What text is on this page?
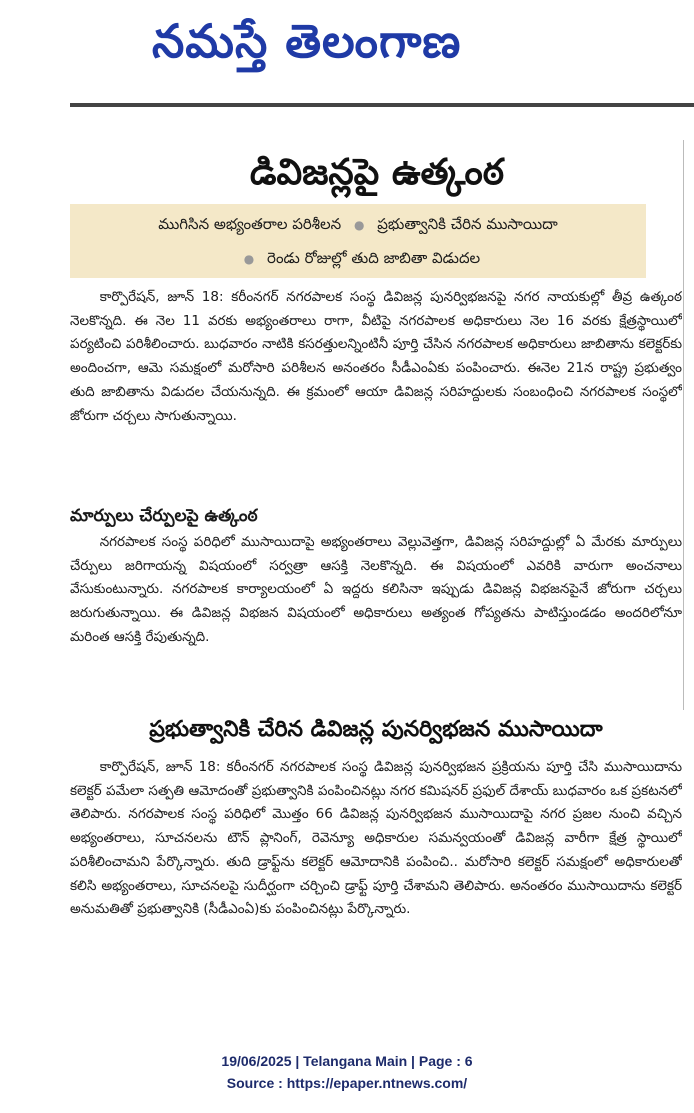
నమస్తే తెలంగాణ
డివిజన్లపై ఉత్కంఠ
ముగిసిన అభ్యంతరాల పరిశీలన ● ప్రభుత్వానికి చేరిన ముసాయిదా
● రెండు రోజుల్లో తుది జాబితా విడుదల

కార్పొరేషన్, జూన్ 18: కరీంనగర్ నగరపాలక సంస్థ డివిజన్ల పునర్విభజనపై నగర నాయకుల్లో తీవ్ర ఉత్కంఠ నెలకొన్నది. ఈ నెల 11 వరకు అభ్యంతరాలు రాగా, వీటిపై నగరపాలక అధికారులు నెల 16 వరకు క్షేత్రస్థాయిలో పర్యటించి పరిశీలించారు. బుధవారం నాటికి కసరత్తులన్నింటినీ పూర్తి చేసిన నగరపాలక అధికారులు జాబితాను కలెక్టర్‌కు అందించగా, ఆమె సమక్షంలో మరోసారి పరిశీలన అనంతరం సీడీఎంఏకు పంపించారు. ఈనెల 21న రాష్ట్ర ప్రభుత్వం తుది జాబితాను విడుదల చేయనున్నది. ఈ క్రమంలో ఆయా డివిజన్ల సరిహద్దులకు సంబంధించి నగరపాలక సంస్థలో జోరుగా చర్చలు సాగుతున్నాయి.

మార్పులు చేర్పులపై ఉత్కంఠ

నగరపాలక సంస్థ పరిధిలో ముసాయిదాపై అభ్యంతరాలు వెల్లువెత్తగా, డివిజన్ల సరిహద్దుల్లో ఏ మేరకు మార్పులు చేర్పులు జరిగాయన్న విషయంలో సర్వత్రా ఆసక్తి నెలకొన్నది. ఈ విషయంలో ఎవరికి వారుగా అంచనాలు వేసుకుంటున్నారు. నగరపాలక కార్యాలయంలో ఏ ఇద్దరు కలిసినా ఇప్పుడు డివిజన్ల విభజనపైనే జోరుగా చర్చలు జరుగుతున్నాయి. ఈ డివిజన్ల విభజన విషయంలో అధికారులు అత్యంత గోప్యతను పాటిస్తుండడం అందరిలోనూ మరింత ఆసక్తి రేపుతున్నది.

ప్రభుత్వానికి చేరిన డివిజన్ల పునర్విభజన ముసాయిదా

కార్పొరేషన్, జూన్ 18: కరీంనగర్ నగరపాలక సంస్థ డివిజన్ల పునర్విభజన ప్రక్రియను పూర్తి చేసి ముసాయిదాను కలెక్టర్ పమేలా సత్పతి ఆమోదంతో ప్రభుత్వానికి పంపించినట్లు నగర కమిషనర్ ప్రఫుల్ దేశాయ్ బుధవారం ఒక ప్రకటనలో తెలిపారు. నగరపాలక సంస్థ పరిధిలో మొత్తం 66 డివిజన్ల పునర్విభజన ముసాయిదాపై నగర ప్రజల నుంచి వచ్చిన అభ్యంతరాలు, సూచనలను టౌన్ ప్లానింగ్, రెవెన్యూ అధికారుల సమన్వయంతో డివిజన్ల వారీగా క్షేత్ర స్థాయిలో పరిశీలించామని పేర్కొన్నారు. తుది డ్రాఫ్ట్‌ను కలెక్టర్ ఆమోదానికి పంపించి.. మరోసారి కలెక్టర్ సమక్షంలో అధికారులతో కలిసి అభ్యంతరాలు, సూచనలపై సుదీర్ఘంగా చర్చించి డ్రాఫ్ట్ పూర్తి చేశామని తెలిపారు. అనంతరం ముసాయిదాను కలెక్టర్ అనుమతితో ప్రభుత్వానికి (సీడీఎంఏ)కు పంపించినట్లు పేర్కొన్నారు.

19/06/2025 | Telangana Main | Page : 6
Source : https://epaper.ntnews.com/
